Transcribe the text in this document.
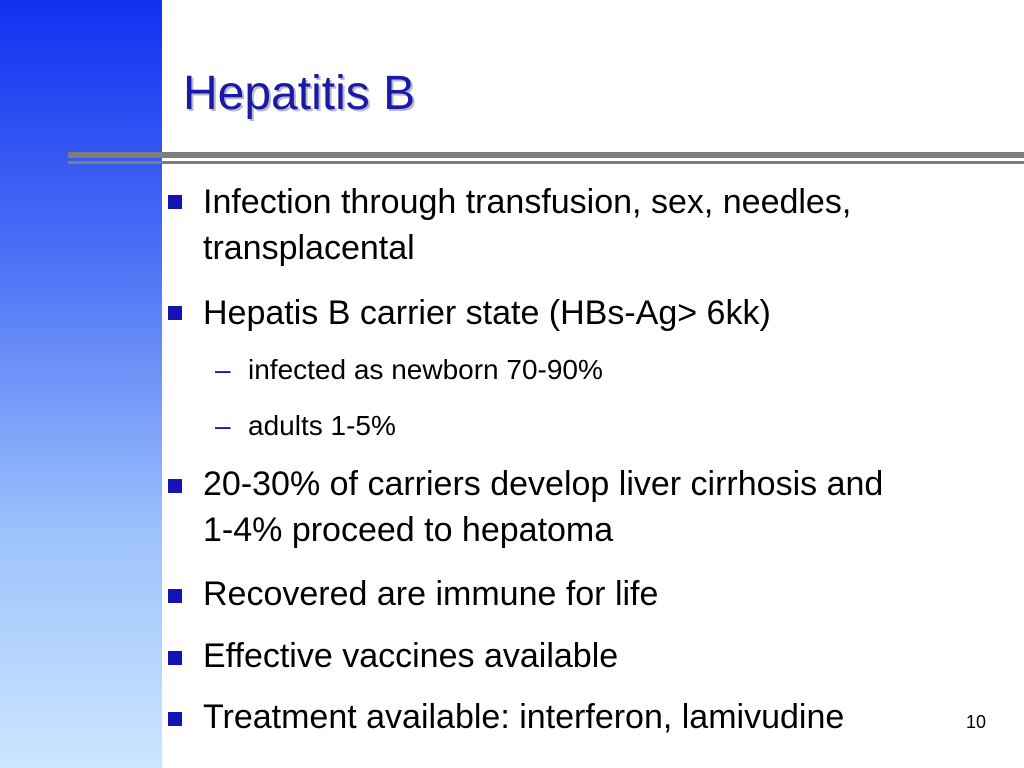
Hepatitis B
Infection through transfusion, sex, needles,
transplacental
Hepatis B carrier state (HBs-Ag> 6kk)
– infected as newborn 70-90%
– adults 1-5%
20-30% of carriers develop liver cirrhosis and
1-4% proceed to hepatoma
Recovered are immune for life
Effective vaccines available
Treatment available: interferon, lamivudine	10
